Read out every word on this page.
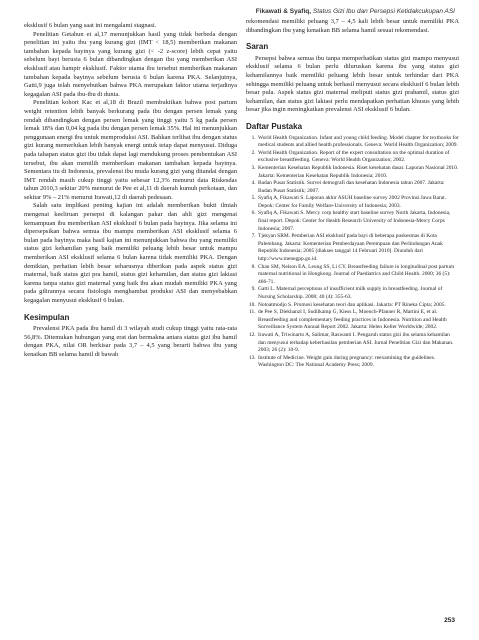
Fikawati & Syafiq, Status Gizi Ibu dan Persepsi Ketidakcukupan ASI

eksklusif 6 bulan yang saat ini mengalami stagnasi.

Penelitian Getahun et al,17 menunjukkan hasil yang tidak berbeda dengan penelitian ini yaitu ibu yang kurang gizi (IMT < 18,5) memberikan makanan tambahan kepada bayinya yang kurang gizi (< -2 z-score) lebih cepat yaitu sebelum bayi berusia 6 bulan dibandingkan dengan ibu yang memberikan ASI eksklusif atau hampir eksklusif. Faktor utama ibu tersebut memberikan makanan tambahan kepada bayinya sebelum berusia 6 bulan karena PKA. Selanjutnya, Gatti,9 juga telah menyebutkan bahwa PKA merupakan faktor utama terjadinya kegagalan ASI pada ibu-ibu di dunia.

Penelitian kohort Kac et al,18 di Brazil membuktikan bahwa post partum weight retention lebih banyak berkurang pada ibu dengan persen lemak yang rendah dibandingkan dengan persen lemak yang tinggi yaitu 5 kg pada persen lemak 18% dan 0,04 kg pada ibu dengan persen lemak 35%. Hal ini menunjukkan penggunaan energi ibu untuk memproduksi ASI. Bahkan terlihat ibu dengan status gizi kurang memerlukan lebih banyak energi untuk tetap dapat menyusui. Diduga pada tahapan status gizi ibu tidak dapat lagi mendukung proses pembentukan ASI tersebut, ibu akan memilih memberikan makanan tambahan kepada bayinya. Sementara itu di Indonesia, prevalensi ibu muda kurang gizi yang ditandai dengan IMT rendah masih cukup tinggi yaitu sebesar 12,3% menurut data Riskesdas tahun 2010,3 sekitar 20% menurut de Pee et al,11 di daerah kumuh perkotaan, dan sekitar 9% – 21% menurut Irawati,12 di daerah pedesaan.

Salah satu implikasi penting kajian ini adalah memberikan bukti ilmiah mengenai keeliruan persepsi di kalangan pakar dan ahli gizi mengenai kemampuan ibu memberikan ASI eksklusif 6 bulan pada bayinya. Jika selama ini dipersepsikan bahwa semua ibu mampu memberikan ASI eksklusif selama 6 bulan pada bayinya maka hasil kajian ini menunjukkan bahwa ibu yang memiliki status gizi kehamilan yang baik memiliki peluang lebih besar untuk mampu memberikan ASI eksklusif selama 6 bulan karena tidak memiliki PKA. Dengan demikian, perhatian lebih besar seharusnya diberikan pada aspek status gizi maternal, baik status gizi pra hamil, status gizi kehamilan, dan status gizi laktasi karena tanpa status gizi maternal yang baik ibu akan mudah memiliki PKA yang pada gilirannya secara fisiologis menghambat produksi ASI dan menyebabkan kegagalan menyusui eksklusif 6 bulan.

Kesimpulan

Prevalensi PKA pada ibu hamil di 3 wilayah studi cukup tinggi yaitu rata-rata 56,8%. Ditemukan hubungan yang erat dan bermakna antara status gizi ibu hamil dengan PKA, nilai OR berkisar pada 3,7 – 4,5 yang berarti bahwa ibu yang kenaikan BB selama hamil di bawah

rekomendasi memiliki peluang 3,7 – 4,5 kali lebih besar untuk memiliki PKA dibandingkan ibu yang kenaikan BB selama hamil sesuai rekomendasi.

Saran

Persepsi bahwa semua ibu tanpa memperhatikan status gizi mampu menyusui eksklusif selama 6 bulan perlu diluruskan karena ibu yang status gizi kehamilannya baik memiliki peluang lebih besar untuk terhindar dari PKA sehingga memiliki peluang untuk berhasil menyusui secara eksklusif 6 bulan lebih besar pula. Aspek status gizi maternal meliputi status gizi prahamil, status gizi kehamilan, dan status gizi laktasi perlu mendapatkan perhatian khusus yang lebih besar jika ingin meningkatkan prevalensi ASI eksklusif 6 bulan.

Daftar Pustaka
1. World Health Organization. Infant and young child feeding. Model chapter for textbooks for medical students and allied health professionals. Geneva: World Health Organization; 2009.
2. World Health Organization. Report of the expert consultation on the optimal duration of exclusive breastfeeding. Geneva: World Health Organization; 2002.
3. Kementerian Kesehatan Republik Indonesia. Riset kesehatan dasar. Laporan Nasional 2010. Jakarta: Kementerian Kesehatan Republik Indonesia; 2010.
4. Badan Pusat Statistik. Survei demografi dan kesehatan Indonesia tahun 2007. Jakarta: Badan Pusat Statistik; 2007.
5. Syafiq A, Fikawati S. Laporan akhir ASUH baseline survey 2002 Provinsi Jawa Barat. Depok: Center for Family Welfare-University of Indonesia; 2003.
6. Syafiq A, Fikawati S. Mercy corp healthy start baseline survey North Jakarta, Indonesia, final report. Depok: Center for Health Research University of Indonesia-Mercy Corps Indonesia; 2007.
7. Tjekyan SRM. Pemberian ASI eksklusif pada bayi di beberapa puskesmas di Kota Palembang. Jakarta: Kementerian Pemberdayaan Perempuan dan Perlindungan Anak Republik Indonesia; 2005 [diakses tanggal 14 Februari 2010]. Diunduh dari http://www.menegpp.go.id.
8. Chan SM, Nelson EA, Leung SS, Li CY. Breastfeeding failure in longitudinal post partum maternal nutritional in Hongkong. Journal of Paediatrics and Child Health. 2000; 36 (5): 466-71.
9. Gatti L. Maternal perceptions of insufficient milk supply in breastfeeding. Journal of Nursing Scholarship. 2008; 40 (4): 355-63.
10. Notoatmodjo S. Promosi kesehatan teori dan aplikasi. Jakarta: PT Rineka Cipta; 2005.
11. de Pee S, Diekhanzl I, Sudilkamp G, Kiess L, Moench-Pfanner R, Martini E, et al. Breastfeeding and complementary feeding practices in Indonesia. Nutrition and Health Surveillance System Annual Report 2002. Jakarta: Helen Keller Worldwide; 2002.
12. Irawati A, Triwinarto A, Salimar, Raswanti I. Pengaruh status gizi ibu selama kehamilan dan menyusui terhadap keberhasilan pemberian ASI. Jurnal Penelitian Gizi dan Makanan. 2003; 26 (2): 10-9.
13. Institute of Medicine. Weight gain during pregnancy: reexamining the guidelines. Washington DC: The National Academy Press; 2009.
253
